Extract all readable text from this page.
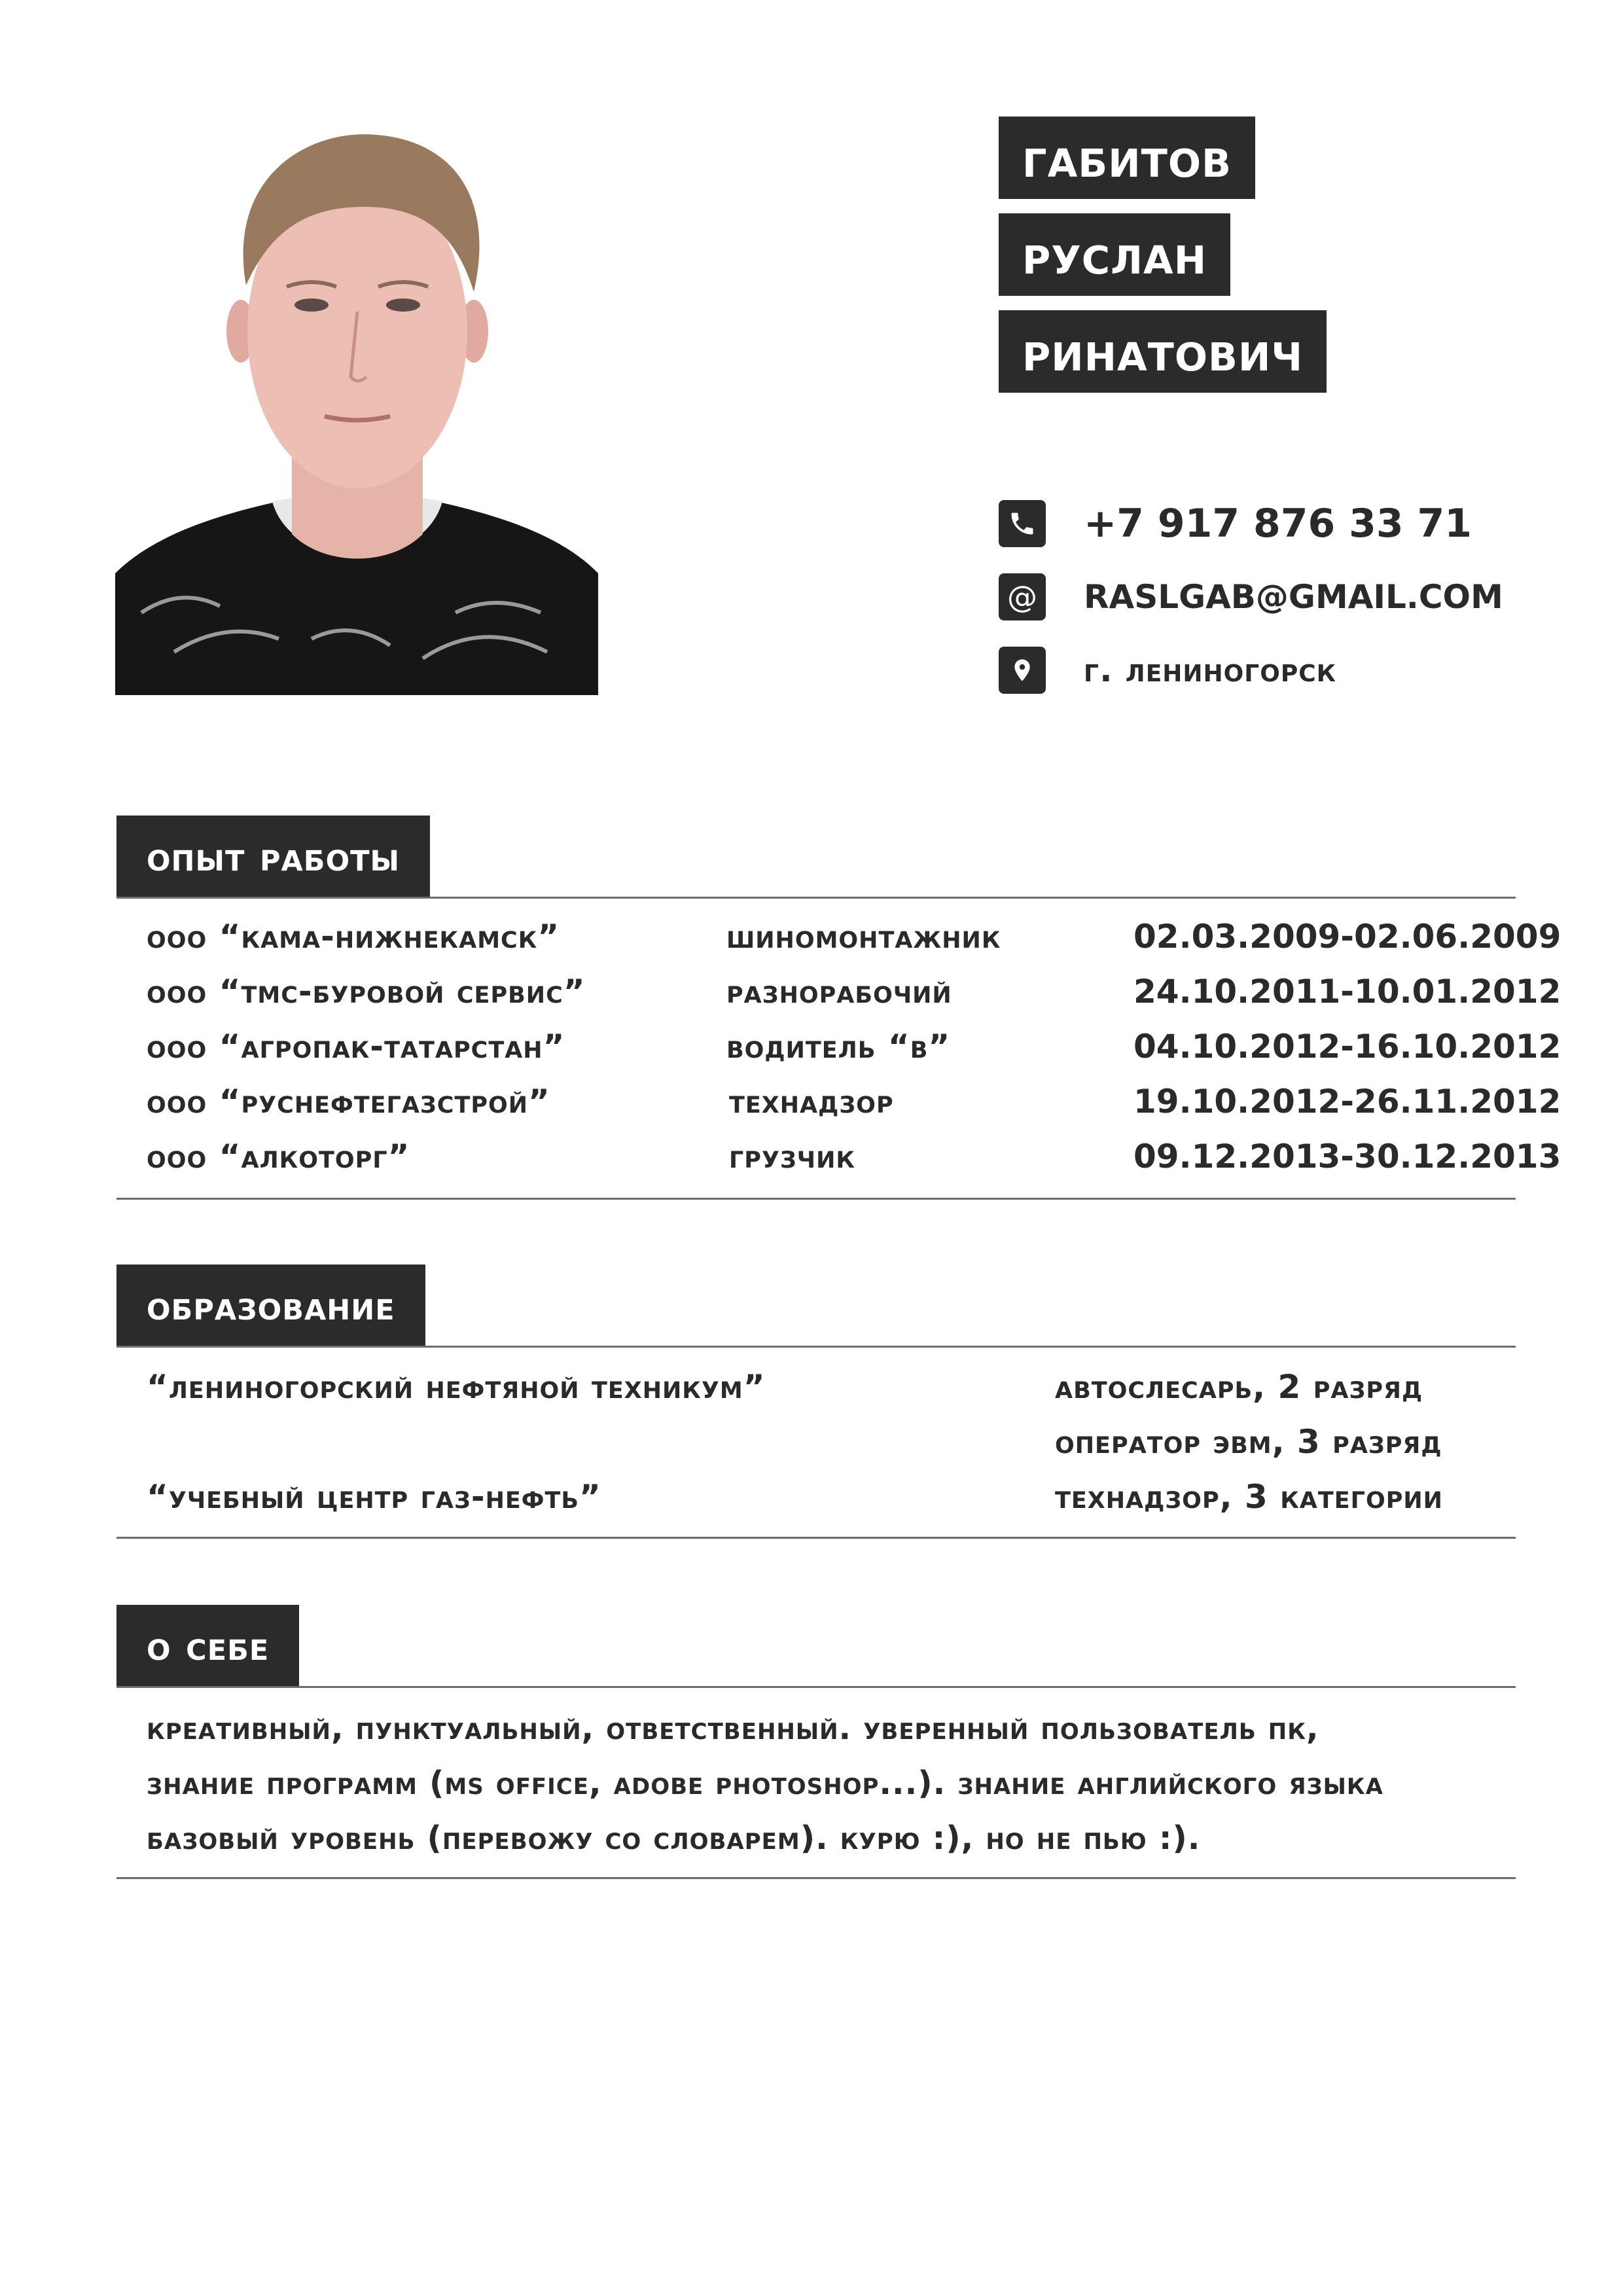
габитов
руслан
ринатович
+7 917 876 33 71
@ RASLGAB@GMAIL.COM
г. лениногорск
опыт работы
ооо “кама-нижнекамск”	шиномонтажник	02.03.2009-02.06.2009
ооо “тмс-буровой сервис”	разнорабочий	24.10.2011-10.01.2012
ооо “агропак-татарстан”	водитель “в”	04.10.2012-16.10.2012
ооо “руснефтегазстрой”	технадзор	19.10.2012-26.11.2012
ооо “алкоторг”	грузчик	09.12.2013-30.12.2013
образование
“лениногорский нефтяной техникум”	автослесарь, 2 разряд
оператор эвм, 3 разряд
“учебный центр газ-нефть”	технадзор, 3 категории
о себе
креативный, пунктуальный, ответственный. уверенный пользователь пк,
знание программ (ms office, adobe photoshop...). знание английского языка
базовый уровень (перевожу со словарем). курю :), но не пью :).
